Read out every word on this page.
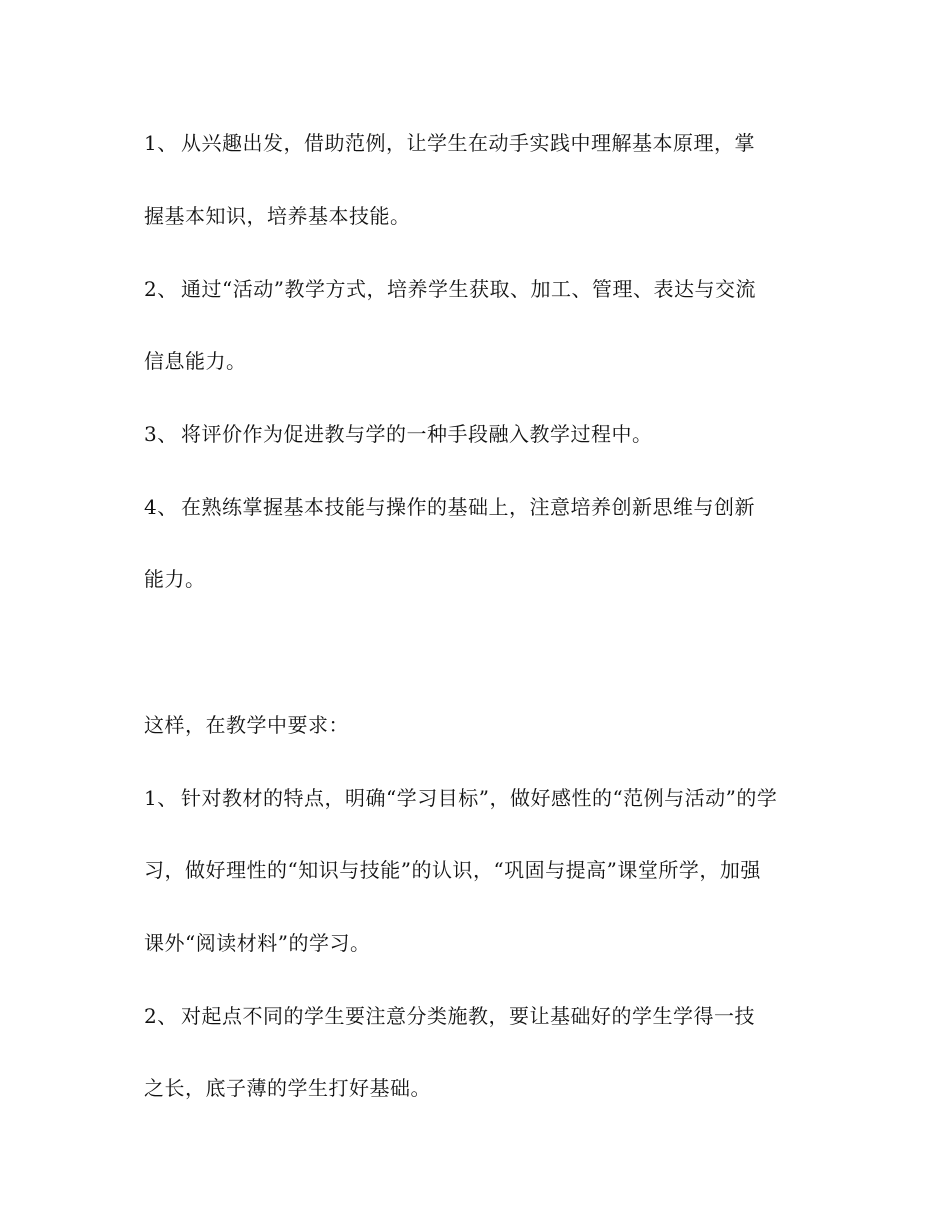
1、 从兴趣出发，借助范例，让学生在动手实践中理解基本原理，掌
握基本知识，培养基本技能。
2、 通过“活动”教学方式，培养学生获取、加工、管理、表达与交流
信息能力。
3、 将评价作为促进教与学的一种手段融入教学过程中。
4、 在熟练掌握基本技能与操作的基础上，注意培养创新思维与创新
能力。
这样，在教学中要求：
1、 针对教材的特点，明确“学习目标”，做好感性的“范例与活动”的学
习，做好理性的“知识与技能”的认识，“巩固与提高”课堂所学，加强
课外“阅读材料”的学习。
2、 对起点不同的学生要注意分类施教，要让基础好的学生学得一技
之长，底子薄的学生打好基础。
